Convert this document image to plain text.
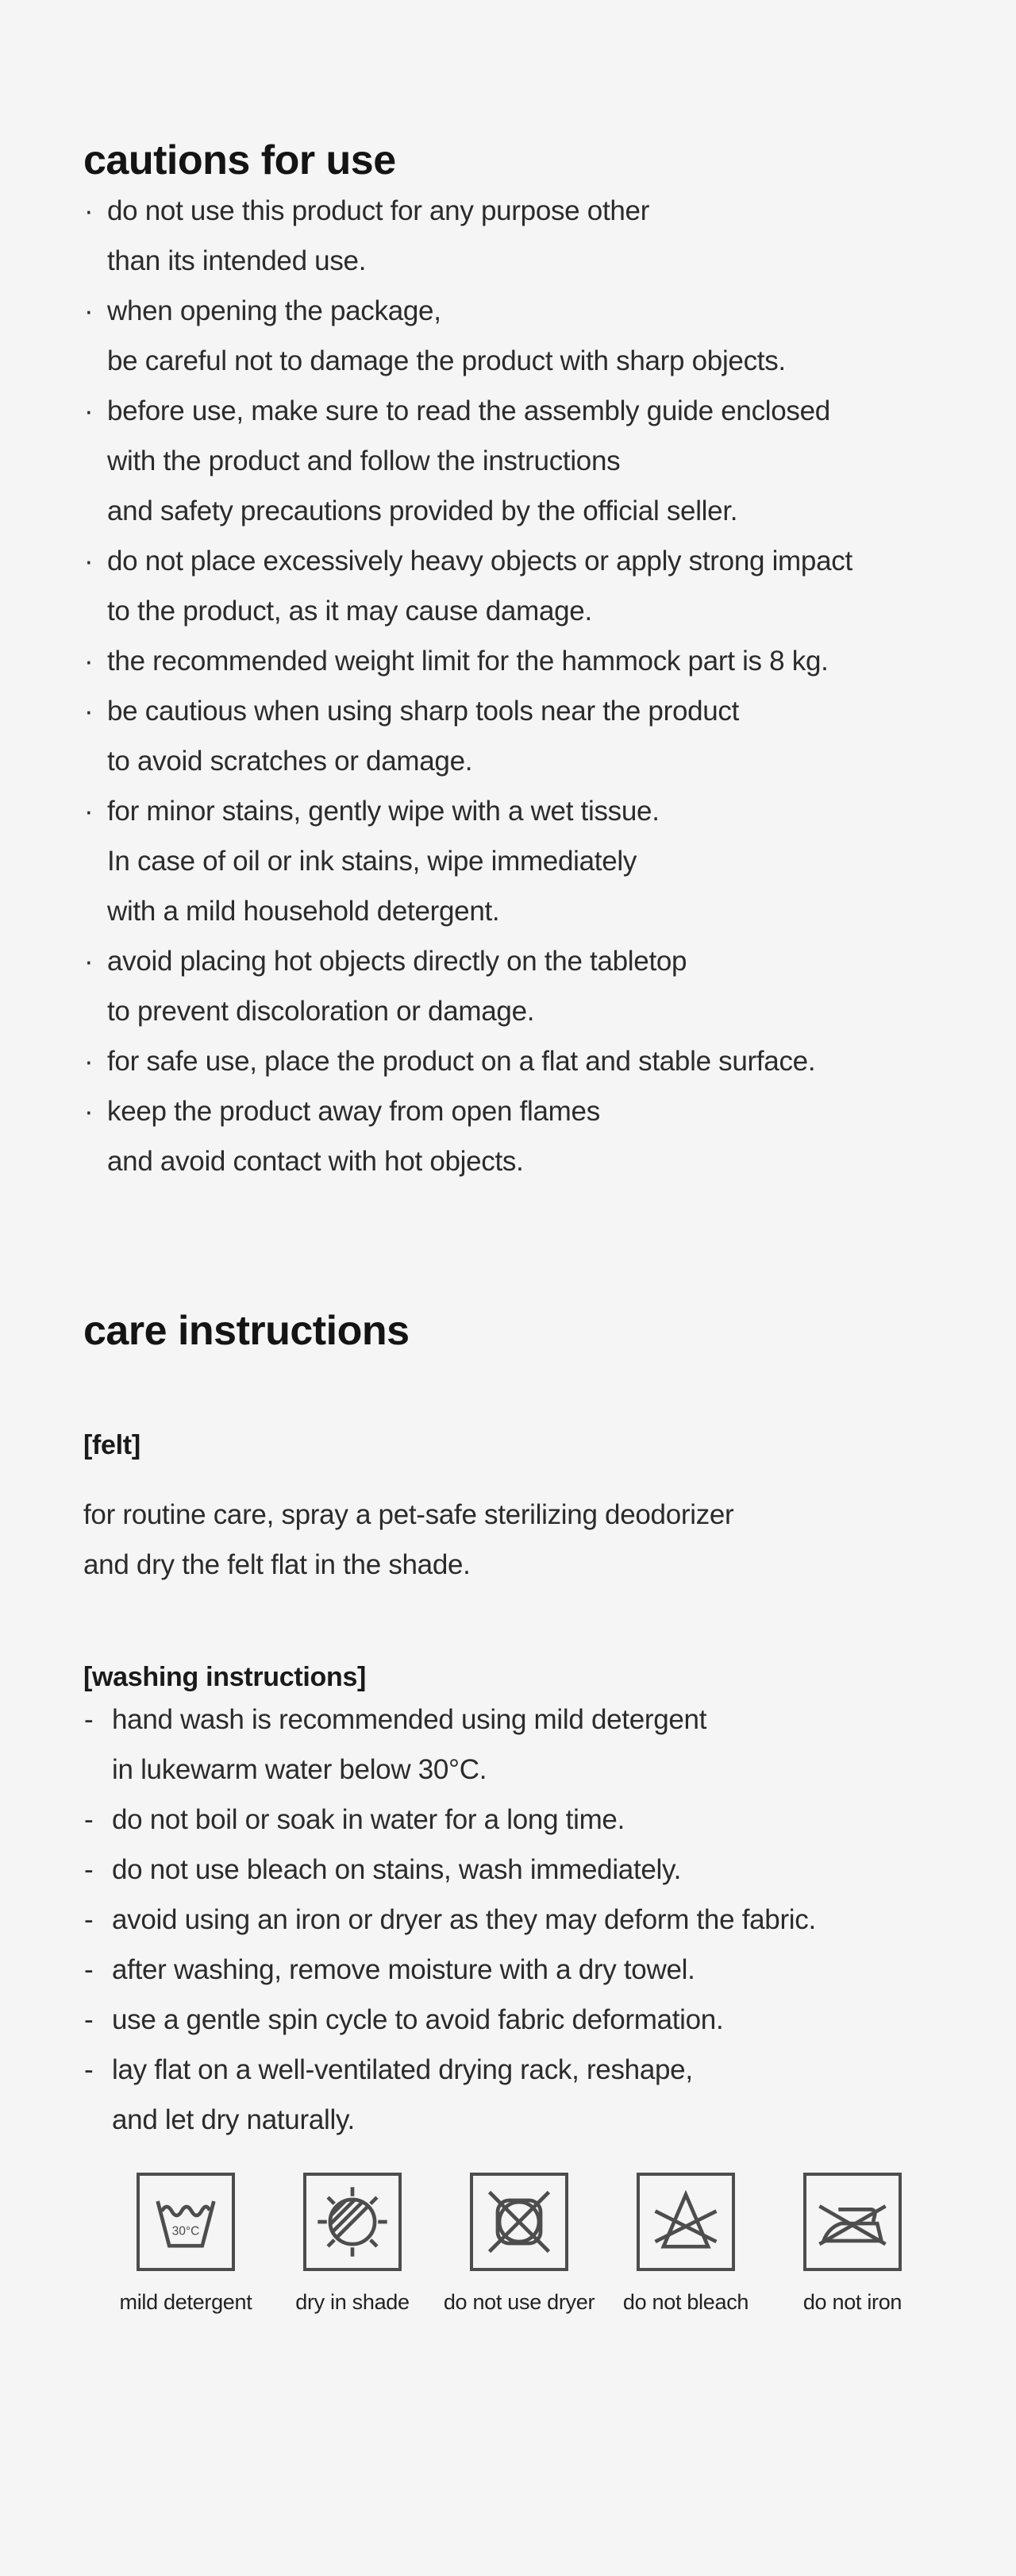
cautions for use
· do not use this product for any purpose other
than its intended use.
· when opening the package,
be careful not to damage the product with sharp objects.
· before use, make sure to read the assembly guide enclosed
with the product and follow the instructions
and safety precautions provided by the official seller.
· do not place excessively heavy objects or apply strong impact
to the product, as it may cause damage.
· the recommended weight limit for the hammock part is 8 kg.
· be cautious when using sharp tools near the product
to avoid scratches or damage.
· for minor stains, gently wipe with a wet tissue.
In case of oil or ink stains, wipe immediately
with a mild household detergent.
· avoid placing hot objects directly on the tabletop
to prevent discoloration or damage.
· for safe use, place the product on a flat and stable surface.
· keep the product away from open flames
and avoid contact with hot objects.
care instructions
[felt]
for routine care, spray a pet-safe sterilizing deodorizer
and dry the felt flat in the shade.
[washing instructions]
- hand wash is recommended using mild detergent
in lukewarm water below 30°C.
- do not boil or soak in water for a long time.
- do not use bleach on stains, wash immediately.
- avoid using an iron or dryer as they may deform the fabric.
- after washing, remove moisture with a dry towel.
- use a gentle spin cycle to avoid fabric deformation.
- lay flat on a well-ventilated drying rack, reshape,
and let dry naturally.
30°C
mild detergent dry in shade do not use dryer do not bleach	do not iron
